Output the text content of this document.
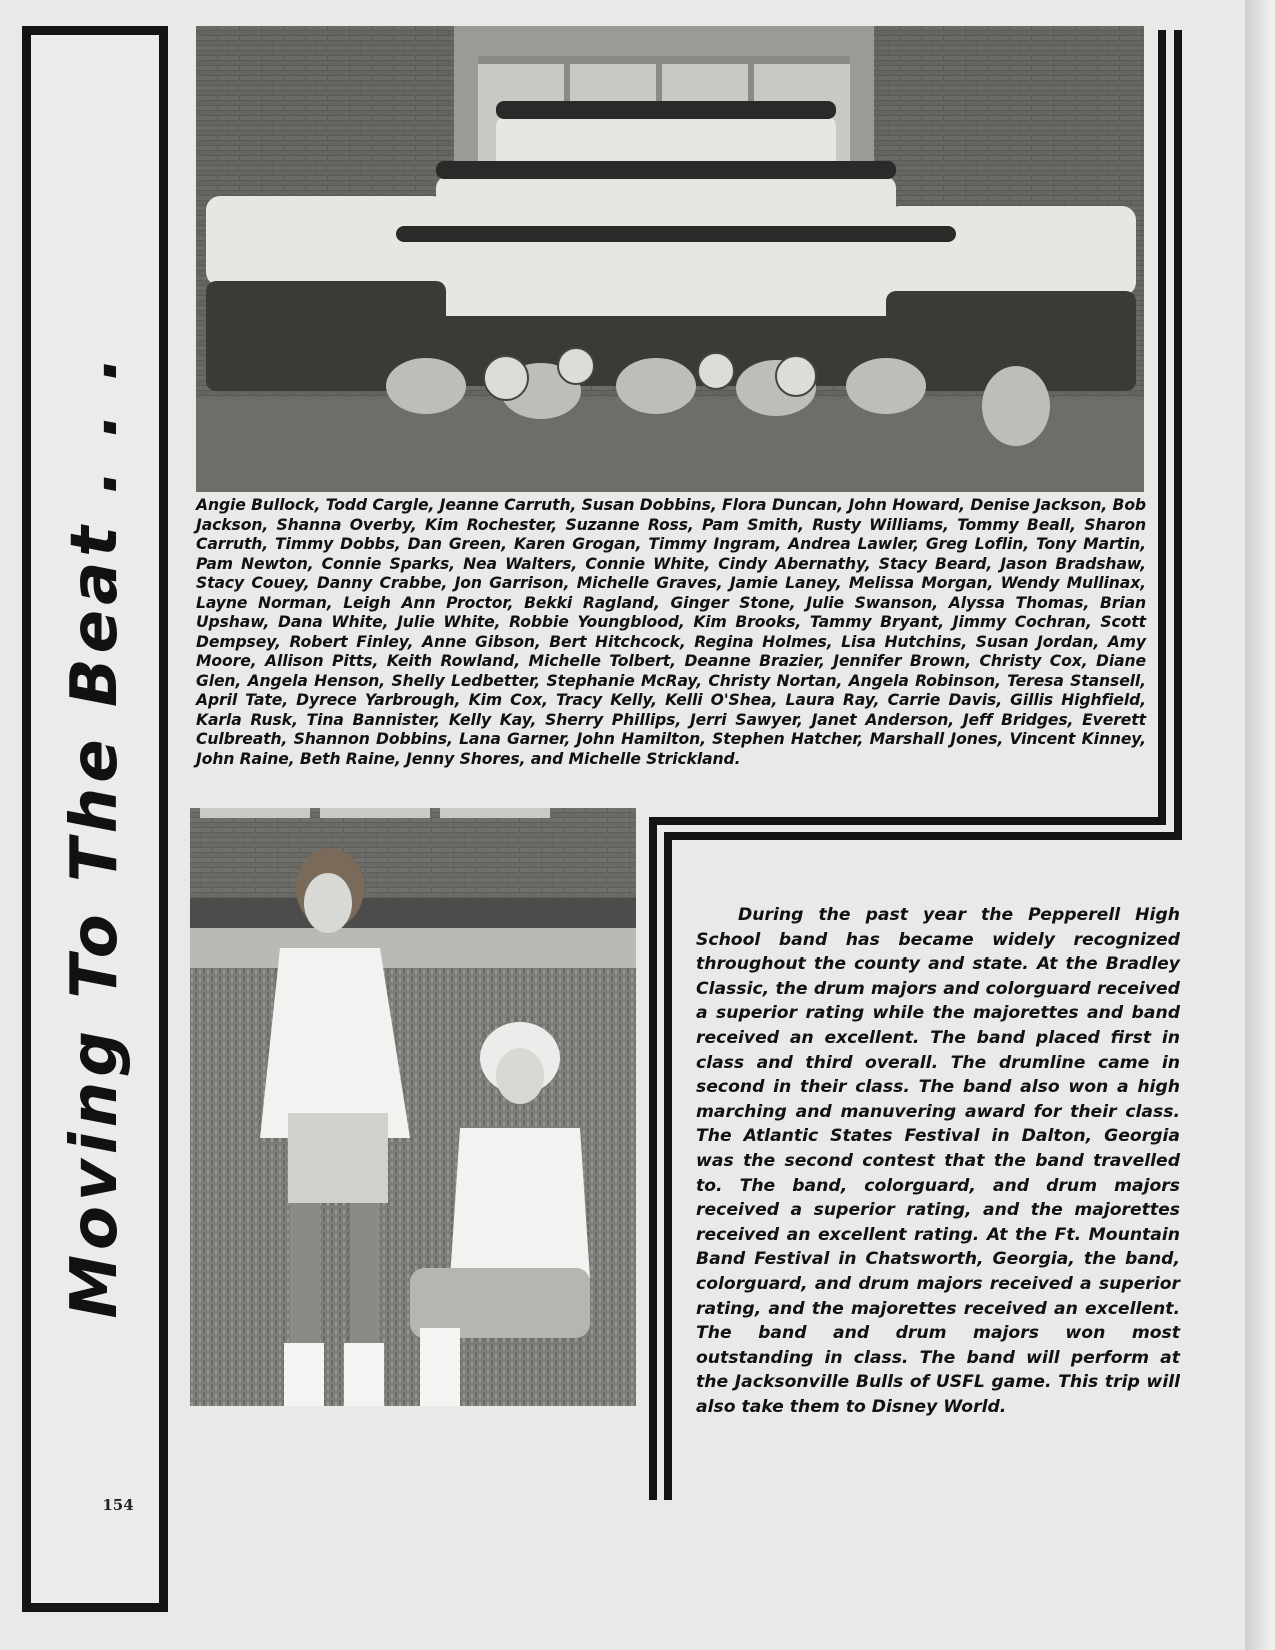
Moving To The Beat . . .
154
Angie Bullock, Todd Cargle, Jeanne Carruth, Susan Dobbins, Flora Duncan, John Howard, Denise Jackson, Bob Jackson, Shanna Overby, Kim Rochester, Suzanne Ross, Pam Smith, Rusty Williams, Tommy Beall, Sharon Carruth, Timmy Dobbs, Dan Green, Karen Grogan, Timmy Ingram, Andrea Lawler, Greg Loflin, Tony Martin, Pam Newton, Connie Sparks, Nea Walters, Connie White, Cindy Abernathy, Stacy Beard, Jason Bradshaw, Stacy Couey, Danny Crabbe, Jon Garrison, Michelle Graves, Jamie Laney, Melissa Morgan, Wendy Mullinax, Layne Norman, Leigh Ann Proctor, Bekki Ragland, Ginger Stone, Julie Swanson, Alyssa Thomas, Brian Upshaw, Dana White, Julie White, Robbie Youngblood, Kim Brooks, Tammy Bryant, Jimmy Cochran, Scott Dempsey, Robert Finley, Anne Gibson, Bert Hitchcock, Regina Holmes, Lisa Hutchins, Susan Jordan, Amy Moore, Allison Pitts, Keith Rowland, Michelle Tolbert, Deanne Brazier, Jennifer Brown, Christy Cox, Diane Glen, Angela Henson, Shelly Ledbetter, Stephanie McRay, Christy Nortan, Angela Robinson, Teresa Stansell, April Tate, Dyrece Yarbrough, Kim Cox, Tracy Kelly, Kelli O'Shea, Laura Ray, Carrie Davis, Gillis Highfield, Karla Rusk, Tina Bannister, Kelly Kay, Sherry Phillips, Jerri Sawyer, Janet Anderson, Jeff Bridges, Everett Culbreath, Shannon Dobbins, Lana Garner, John Hamilton, Stephen Hatcher, Marshall Jones, Vincent Kinney, John Raine, Beth Raine, Jenny Shores, and Michelle Strickland.
During the past year the Pepperell High School band has became widely recognized throughout the county and state. At the Bradley Classic, the drum majors and colorguard received a superior rating while the majorettes and band received an excellent. The band placed first in class and third overall. The drumline came in second in their class. The band also won a high marching and manuvering award for their class. The Atlantic States Festival in Dalton, Georgia was the second contest that the band travelled to. The band, colorguard, and drum majors received a superior rating, and the majorettes received an excellent rating. At the Ft. Mountain Band Festival in Chatsworth, Georgia, the band, colorguard, and drum majors received a superior rating, and the majorettes received an excellent. The band and drum majors won most outstanding in class. The band will perform at the Jacksonville Bulls of USFL game. This trip will also take them to Disney World.
